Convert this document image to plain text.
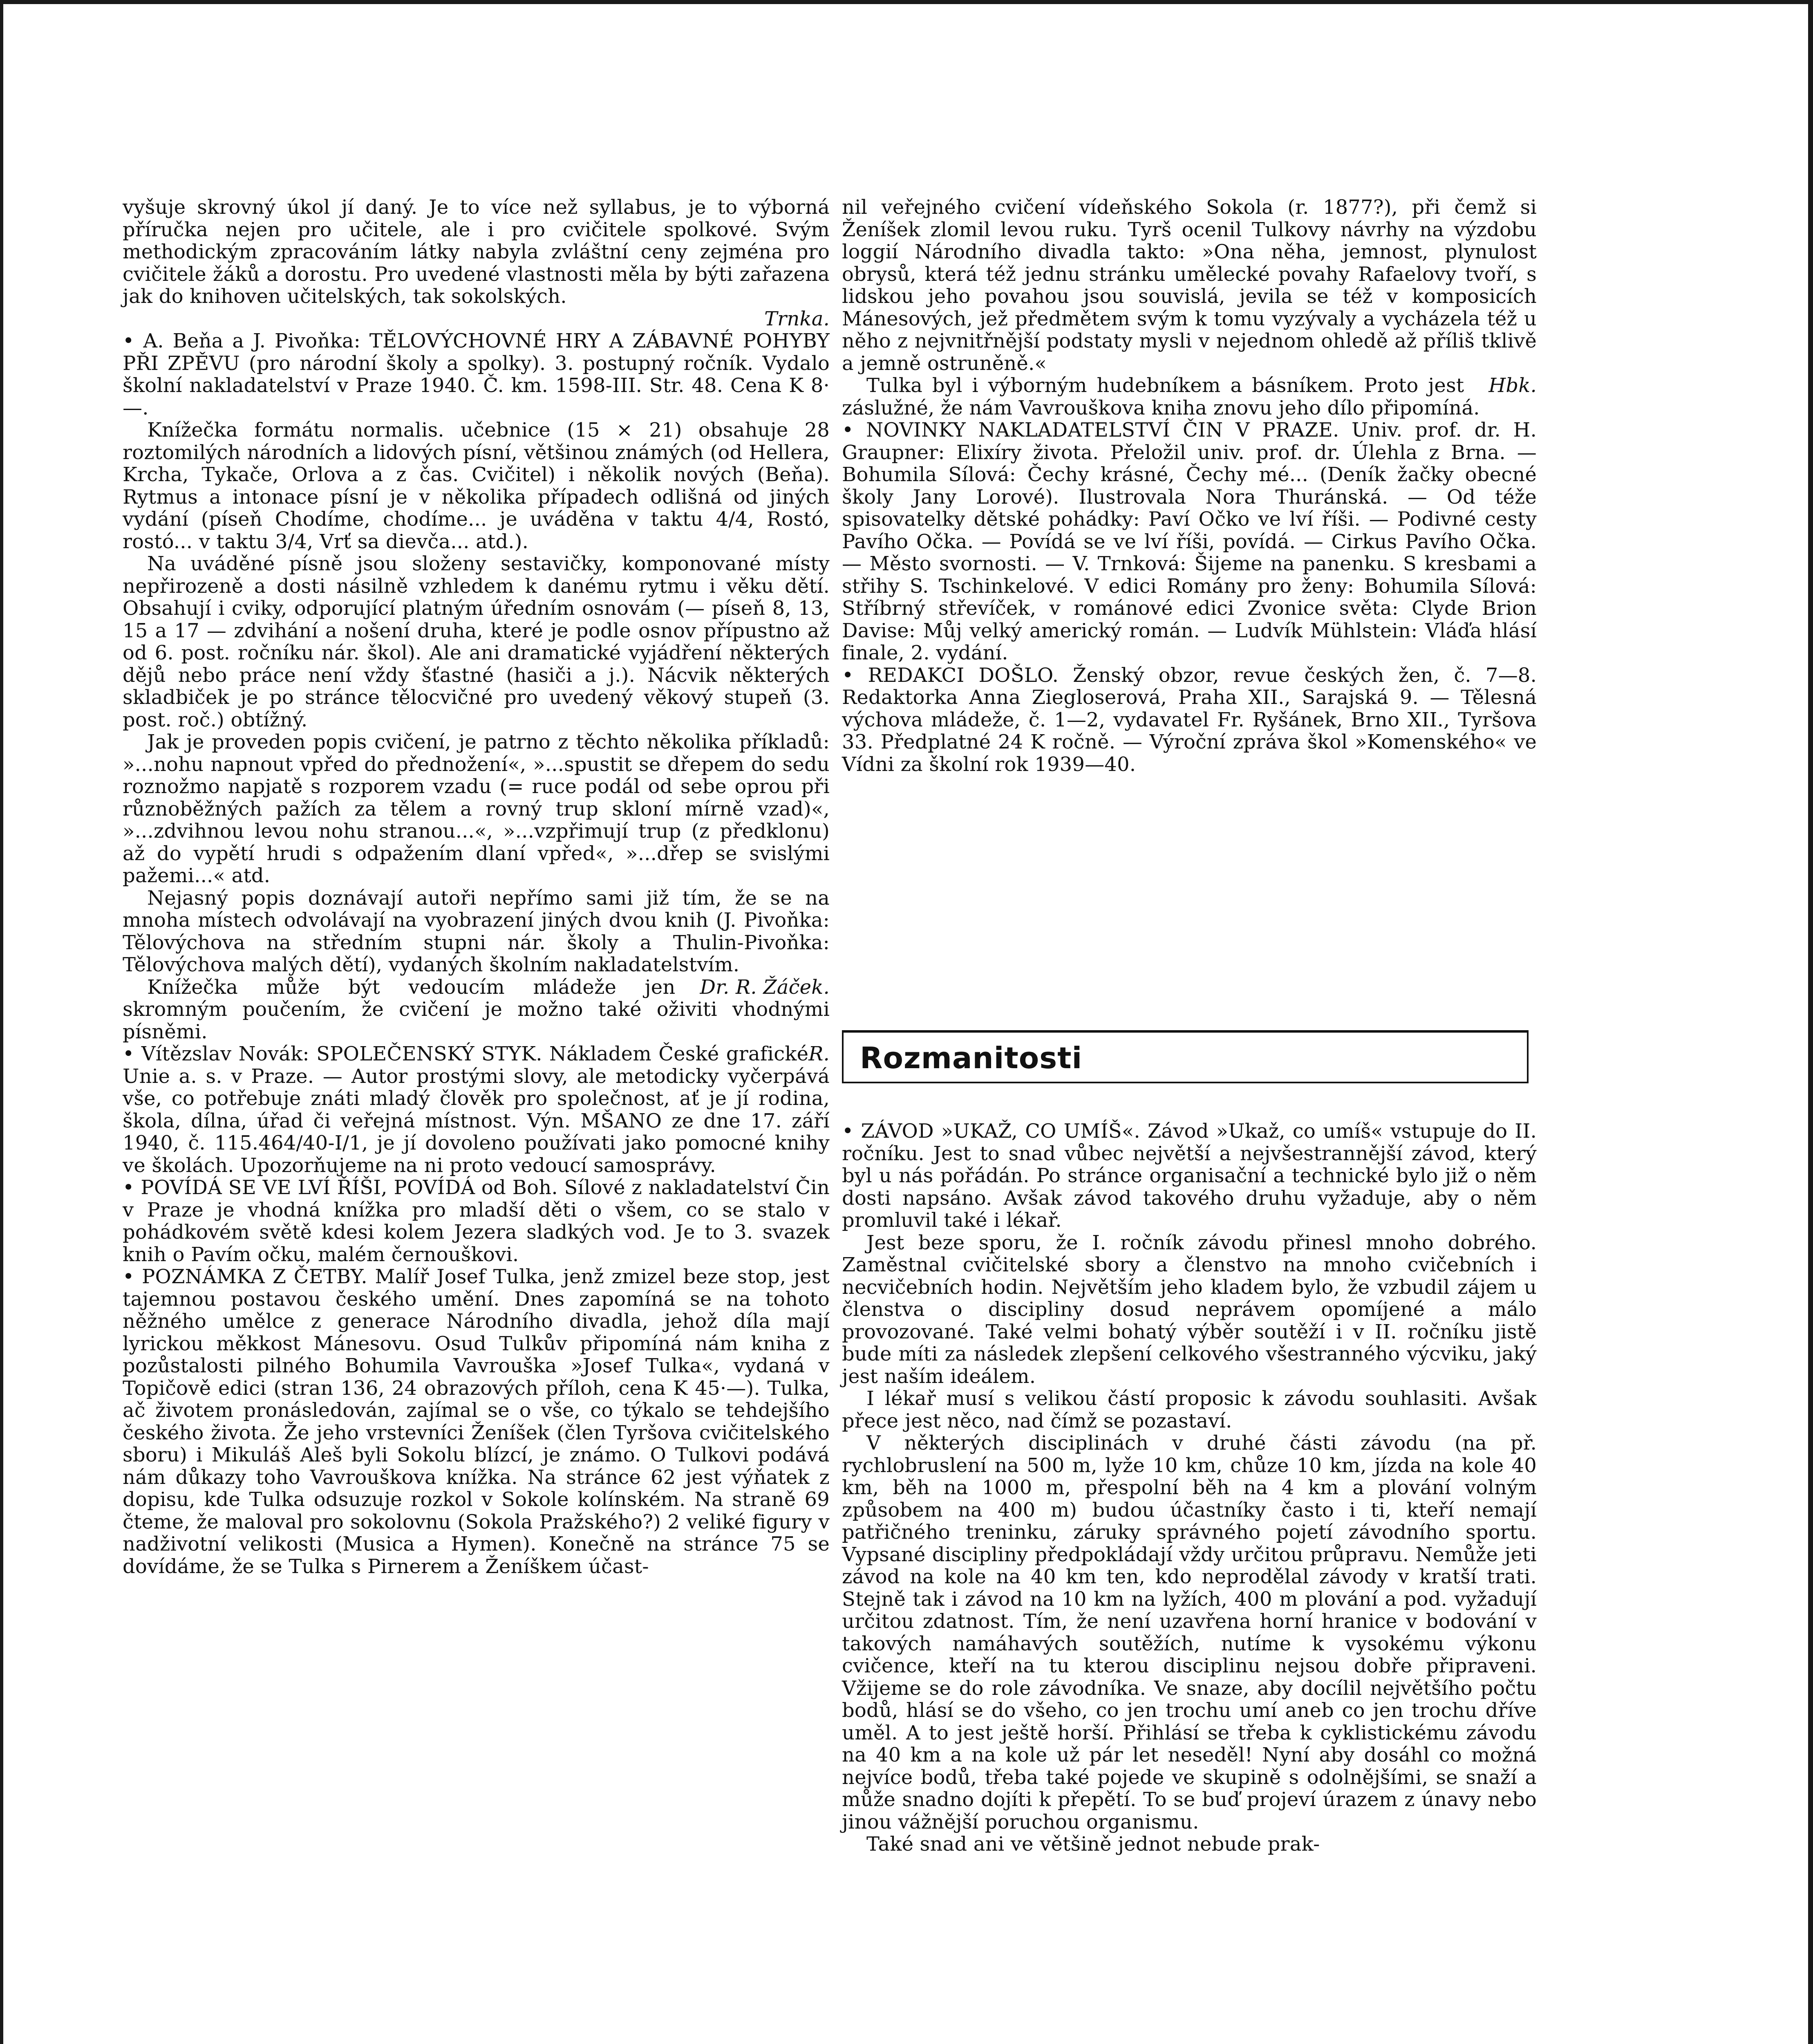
vyšuje skrovný úkol jí daný. Je to více než syllabus, je to výborná příručka nejen pro učitele, ale i pro cvičitele spolkové. Svým methodickým zpracováním látky nabyla zvláštní ceny zejména pro cvičitele žáků a dorostu. Pro uvedené vlastnosti měla by býti zařazena jak do knihoven učitelských, tak sokolských.

Trnka.

• A. Beňa a J. Pivoňka: TĚLOVÝCHOVNÉ HRY A ZÁBAVNÉ POHYBY PŘI ZPĚVU (pro národní školy a spolky). 3. postupný ročník. Vydalo školní nakladatelství v Praze 1940. Č. km. 1598-III. Str. 48. Cena K 8·—.

Knížečka formátu normalis. učebnice (15 × 21) obsahuje 28 roztomilých národních a lidových písní, většinou známých (od Hellera, Krcha, Tykače, Orlova a z čas. Cvičitel) i několik nových (Beňa). Rytmus a intonace písní je v několika případech odlišná od jiných vydání (píseň Chodíme, chodíme... je uváděna v taktu 4/4, Rostó, rostó... v taktu 3/4, Vrť sa dievča... atd.).

Na uváděné písně jsou složeny sestavičky, komponované místy nepřirozeně a dosti násilně vzhledem k danému rytmu i věku dětí. Obsahují i cviky, odporující platným úředním osnovám (— píseň 8, 13, 15 a 17 — zdvihání a nošení druha, které je podle osnov přípustno až od 6. post. ročníku nár. škol). Ale ani dramatické vyjádření některých dějů nebo práce není vždy šťastné (hasiči a j.). Nácvik některých skladbiček je po stránce tělocvičné pro uvedený věkový stupeň (3. post. roč.) obtížný.

Jak je proveden popis cvičení, je patrno z těchto několika příkladů: »...nohu napnout vpřed do přednožení«, »...spustit se dřepem do sedu roznožmo napjatě s rozporem vzadu (= ruce podál od sebe oprou při různoběžných pažích za tělem a rovný trup skloní mírně vzad)«, »...zdvihnou levou nohu stranou...«, »...vzpřimují trup (z předklonu) až do vypětí hrudi s odpažením dlaní vpřed«, »...dřep se svislými pažemi...« atd.

Nejasný popis doznávají autoři nepřímo sami již tím, že se na mnoha místech odvolávají na vyobrazení jiných dvou knih (J. Pivoňka: Tělovýchova na středním stupni nár. školy a Thulin-Pivoňka: Tělovýchova malých dětí), vydaných školním nakladatelstvím.

Dr. R. Žáček.
Knížečka může být vedoucím mládeže jen skromným poučením, že cvičení je možno také oživiti vhodnými písněmi.

• R.
Vítězslav Novák: SPOLEČENSKÝ STYK. Nákladem České grafické Unie a. s. v Praze. — Autor prostými slovy, ale metodicky vyčerpává vše, co potřebuje znáti mladý člověk pro společnost, ať je jí rodina, škola, dílna, úřad či veřejná místnost. Výn. MŠANO ze dne 17. září 1940, č. 115.464/40-I/1, je jí dovoleno používati jako pomocné knihy ve školách. Upozorňujeme na ni proto vedoucí samosprávy.

• POVÍDÁ SE VE LVÍ ŘÍŠI, POVÍDÁ od Boh. Sílové z nakladatelství Čin v Praze je vhodná knížka pro mladší děti o všem, co se stalo v pohádkovém světě kdesi kolem Jezera sladkých vod. Je to 3. svazek knih o Pavím očku, malém černouškovi.

• POZNÁMKA Z ČETBY. Malíř Josef Tulka, jenž zmizel beze stop, jest tajemnou postavou českého umění. Dnes zapomíná se na tohoto něžného umělce z generace Národního divadla, jehož díla mají lyrickou měkkost Mánesovu. Osud Tulkův připomíná nám kniha z pozůstalosti pilného Bohumila Vavrouška »Josef Tulka«, vydaná v Topičově edici (stran 136, 24 obrazových příloh, cena K 45·—). Tulka, ač životem pronásledován, zajímal se o vše, co týkalo se tehdejšího českého života. Že jeho vrstevníci Ženíšek (člen Tyršova cvičitelského sboru) i Mikuláš Aleš byli Sokolu blízcí, je známo. O Tulkovi podává nám důkazy toho Vavrouškova knížka. Na stránce 62 jest výňatek z dopisu, kde Tulka odsuzuje rozkol v Sokole kolínském. Na straně 69 čteme, že maloval pro sokolovnu (Sokola Pražského?) 2 veliké figury v nadživotní velikosti (Musica a Hymen). Konečně na stránce 75 se dovídáme, že se Tulka s Pirnerem a Ženíškem účast-

nil veřejného cvičení vídeňského Sokola (r. 1877?), při čemž si Ženíšek zlomil levou ruku. Tyrš ocenil Tulkovy návrhy na výzdobu loggií Národního divadla takto: »Ona něha, jemnost, plynulost obrysů, která též jednu stránku umělecké povahy Rafaelovy tvoří, s lidskou jeho povahou jsou souvislá, jevila se též v komposicích Mánesových, jež předmětem svým k tomu vyzývaly a vycházela též u něho z nejvnitřnější podstaty mysli v nejednom ohledě až příliš tklivě a jemně ostruněně.«

Hbk.
Tulka byl i výborným hudebníkem a básníkem. Proto jest záslužné, že nám Vavrouškova kniha znovu jeho dílo připomíná.

• NOVINKY NAKLADATELSTVÍ ČIN V PRAZE. Univ. prof. dr. H. Graupner: Elixíry života. Přeložil univ. prof. dr. Úlehla z Brna. — Bohumila Sílová: Čechy krásné, Čechy mé... (Deník žačky obecné školy Jany Lorové). Ilustrovala Nora Thuránská. — Od téže spisovatelky dětské pohádky: Paví Očko ve lví říši. — Podivné cesty Pavího Očka. — Povídá se ve lví říši, povídá. — Cirkus Pavího Očka. — Město svornosti. — V. Trnková: Šijeme na panenku. S kresbami a střihy S. Tschinkelové. V edici Romány pro ženy: Bohumila Sílová: Stříbrný střevíček, v románové edici Zvonice světa: Clyde Brion Davise: Můj velký americký román. — Ludvík Mühlstein: Vláďa hlásí finale, 2. vydání.

• REDAKCI DOŠLO. Ženský obzor, revue českých žen, č. 7—8. Redaktorka Anna Ziegloserová, Praha XII., Sarajská 9. — Tělesná výchova mládeže, č. 1—2, vydavatel Fr. Ryšánek, Brno XII., Tyršova 33. Předplatné 24 K ročně. — Výroční zpráva škol »Komenského« ve Vídni za školní rok 1939—40.

Rozmanitosti

• ZÁVOD »UKAŽ, CO UMÍŠ«. Závod »Ukaž, co umíš« vstupuje do II. ročníku. Jest to snad vůbec největší a nejvšestrannější závod, který byl u nás pořádán. Po stránce organisační a technické bylo již o něm dosti napsáno. Avšak závod takového druhu vyžaduje, aby o něm promluvil také i lékař.

Jest beze sporu, že I. ročník závodu přinesl mnoho dobrého. Zaměstnal cvičitelské sbory a členstvo na mnoho cvičebních i necvičebních hodin. Největším jeho kladem bylo, že vzbudil zájem u členstva o discipliny dosud neprávem opomíjené a málo provozované. Také velmi bohatý výběr soutěží i v II. ročníku jistě bude míti za následek zlepšení celkového všestranného výcviku, jaký jest naším ideálem.

I lékař musí s velikou částí proposic k závodu souhlasiti. Avšak přece jest něco, nad čímž se pozastaví.

V některých disciplinách v druhé části závodu (na př. rychlobruslení na 500 m, lyže 10 km, chůze 10 km, jízda na kole 40 km, běh na 1000 m, přespolní běh na 4 km a plování volným způsobem na 400 m) budou účastníky často i ti, kteří nemají patřičného treninku, záruky správného pojetí závodního sportu. Vypsané discipliny předpokládají vždy určitou průpravu. Nemůže jeti závod na kole na 40 km ten, kdo neprodělal závody v kratší trati. Stejně tak i závod na 10 km na lyžích, 400 m plování a pod. vyžadují určitou zdatnost. Tím, že není uzavřena horní hranice v bodování v takových namáhavých soutěžích, nutíme k vysokému výkonu cvičence, kteří na tu kterou disciplinu nejsou dobře připraveni. Vžijeme se do role závodníka. Ve snaze, aby docílil největšího počtu bodů, hlásí se do všeho, co jen trochu umí aneb co jen trochu dříve uměl. A to jest ještě horší. Přihlásí se třeba k cyklistickému závodu na 40 km a na kole už pár let neseděl! Nyní aby dosáhl co možná nejvíce bodů, třeba také pojede ve skupině s odolnějšími, se snaží a může snadno dojíti k přepětí. To se buď projeví úrazem z únavy nebo jinou vážnější poruchou organismu.

Také snad ani ve většině jednot nebude prak-
